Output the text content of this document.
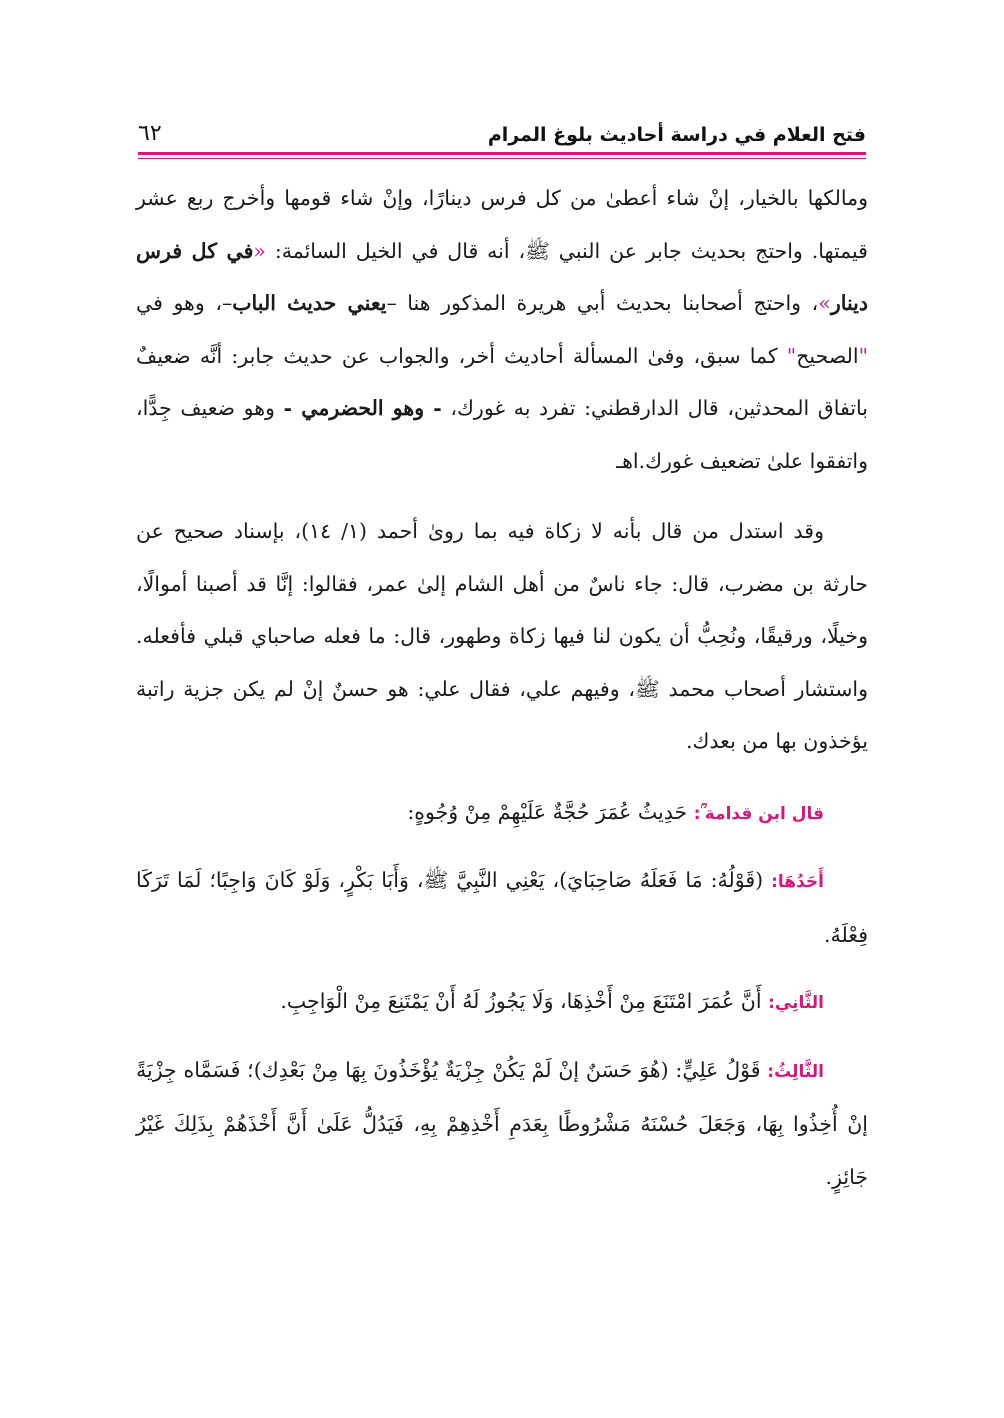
فتح العلام في دراسة أحاديث بلوغ المرام
٦٢

ومالكها بالخيار، إنْ شاء أعطىٰ من كل فرس دينارًا، وإنْ شاء قومها وأخرج ربع عشر قيمتها. واحتج بحديث جابر عن النبي ﷺ، أنه قال في الخيل السائمة: «في كل فرس دينار»، واحتج أصحابنا بحديث أبي هريرة المذكور هنا –يعني حديث الباب–، وهو في "الصحيح" كما سبق، وفىٰ المسألة أحاديث أخر، والجواب عن حديث جابر: أنَّه ضعيفٌ باتفاق المحدثين، قال الدارقطني: تفرد به غورك، - وهو الحضرمي - وهو ضعيف جِدًّا، واتفقوا علىٰ تضعيف غورك.اهـ

وقد استدل من قال بأنه لا زكاة فيه بما روىٰ أحمد (١/ ١٤)، بإسناد صحيح عن حارثة بن مضرب، قال: جاء ناسٌ من أهل الشام إلىٰ عمر، فقالوا: إنَّا قد أصبنا أموالًا، وخيلًا، ورقيقًا، ونُحِبُّ أن يكون لنا فيها زكاة وطهور، قال: ما فعله صاحباي قبلي فأفعله. واستشار أصحاب محمد ﷺ، وفيهم علي، فقال علي: هو حسنٌ إنْ لم يكن جزية راتبة يؤخذون بها من بعدك.

قال ابن قدامة ؒ: حَدِيثُ عُمَرَ حُجَّةٌ عَلَيْهِمْ مِنْ وُجُوهٍ:

أَحَدُهَا: (قَوْلُهُ: مَا فَعَلَهُ صَاحِبَايَ)، يَعْنِي النَّبِيَّ ﷺ، وَأَبَا بَكْرٍ، وَلَوْ كَانَ وَاجِبًا؛ لَمَا تَرَكَا فِعْلَهُ.

الثَّانِي: أَنَّ عُمَرَ امْتَنَعَ مِنْ أَخْذِهَا، وَلَا يَجُوزُ لَهُ أَنْ يَمْتَنِعَ مِنْ الْوَاجِبِ.

الثَّالِثُ: قَوْلُ عَلِيٍّ: (هُوَ حَسَنٌ إنْ لَمْ يَكُنْ جِزْيَةٌ يُؤْخَذُونَ بِهَا مِنْ بَعْدِك)؛ فَسَمَّاه جِزْيَةً إنْ أُخِذُوا بِهَا، وَجَعَلَ حُسْنَهُ مَشْرُوطًا بِعَدَمِ أَخْذِهِمْ بِهِ، فَيَدُلُّ عَلَىٰ أَنَّ أَخْذَهُمْ بِذَلِكَ غَيْرُ جَائِزٍ.
